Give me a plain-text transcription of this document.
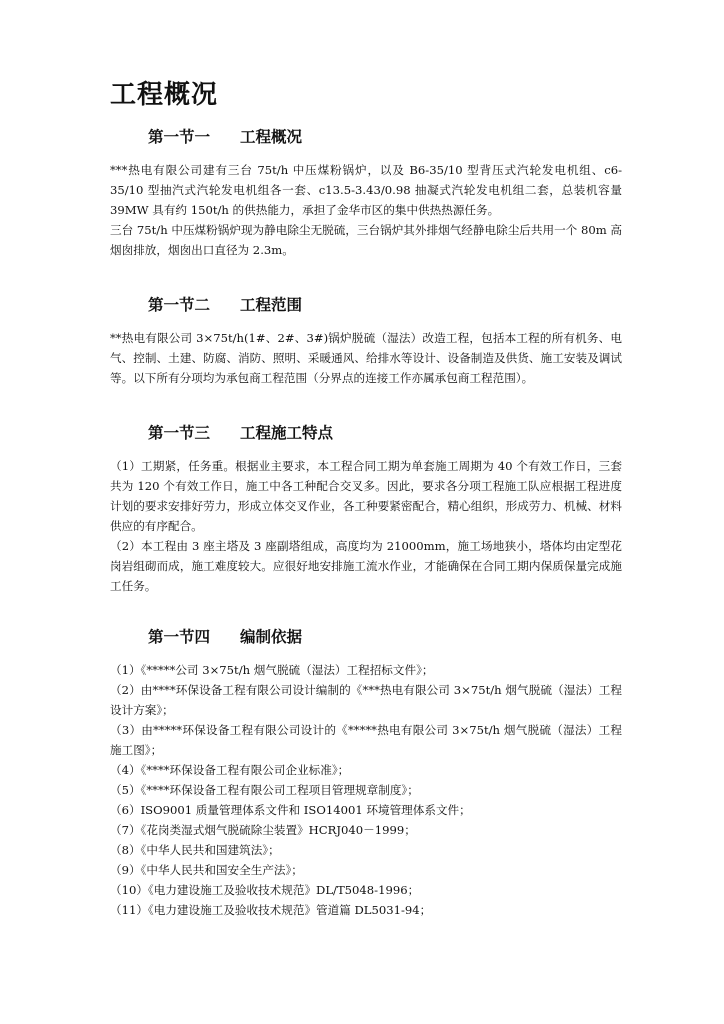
工程概况
第一节一 工程概况

***热电有限公司建有三台 75t/h 中压煤粉锅炉，以及 B6-35/10 型背压式汽轮发电机组、c6-35/10 型抽汽式汽轮发电机组各一套、c13.5-3.43/0.98 抽凝式汽轮发电机组二套，总装机容量 39MW 具有约 150t/h 的供热能力，承担了金华市区的集中供热热源任务。

三台 75t/h 中压煤粉锅炉现为静电除尘无脱硫，三台锅炉其外排烟气经静电除尘后共用一个 80m 高烟囱排放，烟囱出口直径为 2.3m。

第一节二 工程范围

**热电有限公司 3×75t/h(1#、2#、3#)锅炉脱硫（湿法）改造工程，包括本工程的所有机务、电气、控制、土建、防腐、消防、照明、采暖通风、给排水等设计、设备制造及供货、施工安装及调试等。以下所有分项均为承包商工程范围（分界点的连接工作亦属承包商工程范围）。

第一节三 工程施工特点

（1）工期紧，任务重。根据业主要求，本工程合同工期为单套施工周期为 40 个有效工作日，三套共为 120 个有效工作日，施工中各工种配合交叉多。因此，要求各分项工程施工队应根据工程进度计划的要求安排好劳力，形成立体交叉作业，各工种要紧密配合，精心组织，形成劳力、机械、材料供应的有序配合。

（2）本工程由 3 座主塔及 3 座副塔组成，高度均为 21000mm，施工场地狭小，塔体均由定型花岗岩组砌而成，施工难度较大。应很好地安排施工流水作业，才能确保在合同工期内保质保量完成施工任务。

第一节四 编制依据

（1）《*****公司 3×75t/h 烟气脱硫（湿法）工程招标文件》；

（2）由****环保设备工程有限公司设计编制的《***热电有限公司 3×75t/h 烟气脱硫（湿法）工程设计方案》；

（3）由*****环保设备工程有限公司设计的《*****热电有限公司 3×75t/h 烟气脱硫（湿法）工程施工图》；

（4）《****环保设备工程有限公司企业标准》；

（5）《****环保设备工程有限公司工程项目管理规章制度》；

（6）ISO9001 质量管理体系文件和 ISO14001 环境管理体系文件；

（7）《花岗类湿式烟气脱硫除尘装置》HCRJ040－1999；

（8）《中华人民共和国建筑法》；

（9）《中华人民共和国安全生产法》；

（10）《电力建设施工及验收技术规范》DL/T5048-1996；

（11）《电力建设施工及验收技术规范》管道篇 DL5031-94；
